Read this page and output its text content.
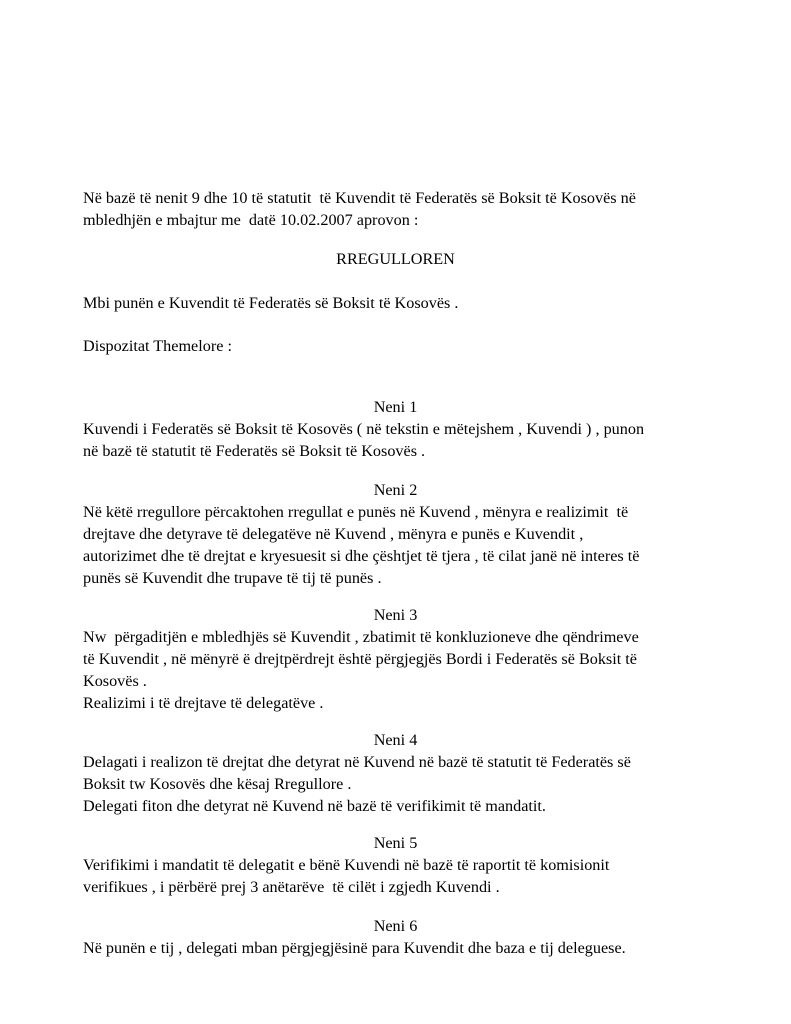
Në bazë të nenit 9 dhe 10 të statutit  të Kuvendit të Federatës së Boksit të Kosovës në
mbledhjën e mbajtur me  datë 10.02.2007 aprovon :

RREGULLOREN

Mbi punën e Kuvendit të Federatës së Boksit të Kosovës .

Dispozitat Themelore :

Neni 1

Kuvendi i Federatës së Boksit të Kosovës ( në tekstin e mëtejshem , Kuvendi ) , punon
në bazë të statutit të Federatës së Boksit të Kosovës .

Neni 2

Në këtë rregullore përcaktohen rregullat e punës në Kuvend , mënyra e realizimit  të
drejtave dhe detyrave të delegatëve në Kuvend , mënyra e punës e Kuvendit ,
autorizimet dhe të drejtat e kryesuesit si dhe çështjet të tjera , të cilat janë në interes të
punës së Kuvendit dhe trupave të tij të punës .

Neni 3

Nw  përgaditjën e mbledhjës së Kuvendit , zbatimit të konkluzioneve dhe qëndrimeve
të Kuvendit , në mënyrë ë drejtpërdrejt është përgjegjës Bordi i Federatës së Boksit të
Kosovës .
Realizimi i të drejtave të delegatëve .

Neni 4

Delagati i realizon të drejtat dhe detyrat në Kuvend në bazë të statutit të Federatës së
Boksit tw Kosovës dhe kësaj Rregullore .
Delegati fiton dhe detyrat në Kuvend në bazë të verifikimit të mandatit.

Neni 5

Verifikimi i mandatit të delegatit e bënë Kuvendi në bazë të raportit të komisionit
verifikues , i përbërë prej 3 anëtarëve  të cilët i zgjedh Kuvendi .

Neni 6

Në punën e tij , delegati mban përgjegjësinë para Kuvendit dhe baza e tij deleguese.
